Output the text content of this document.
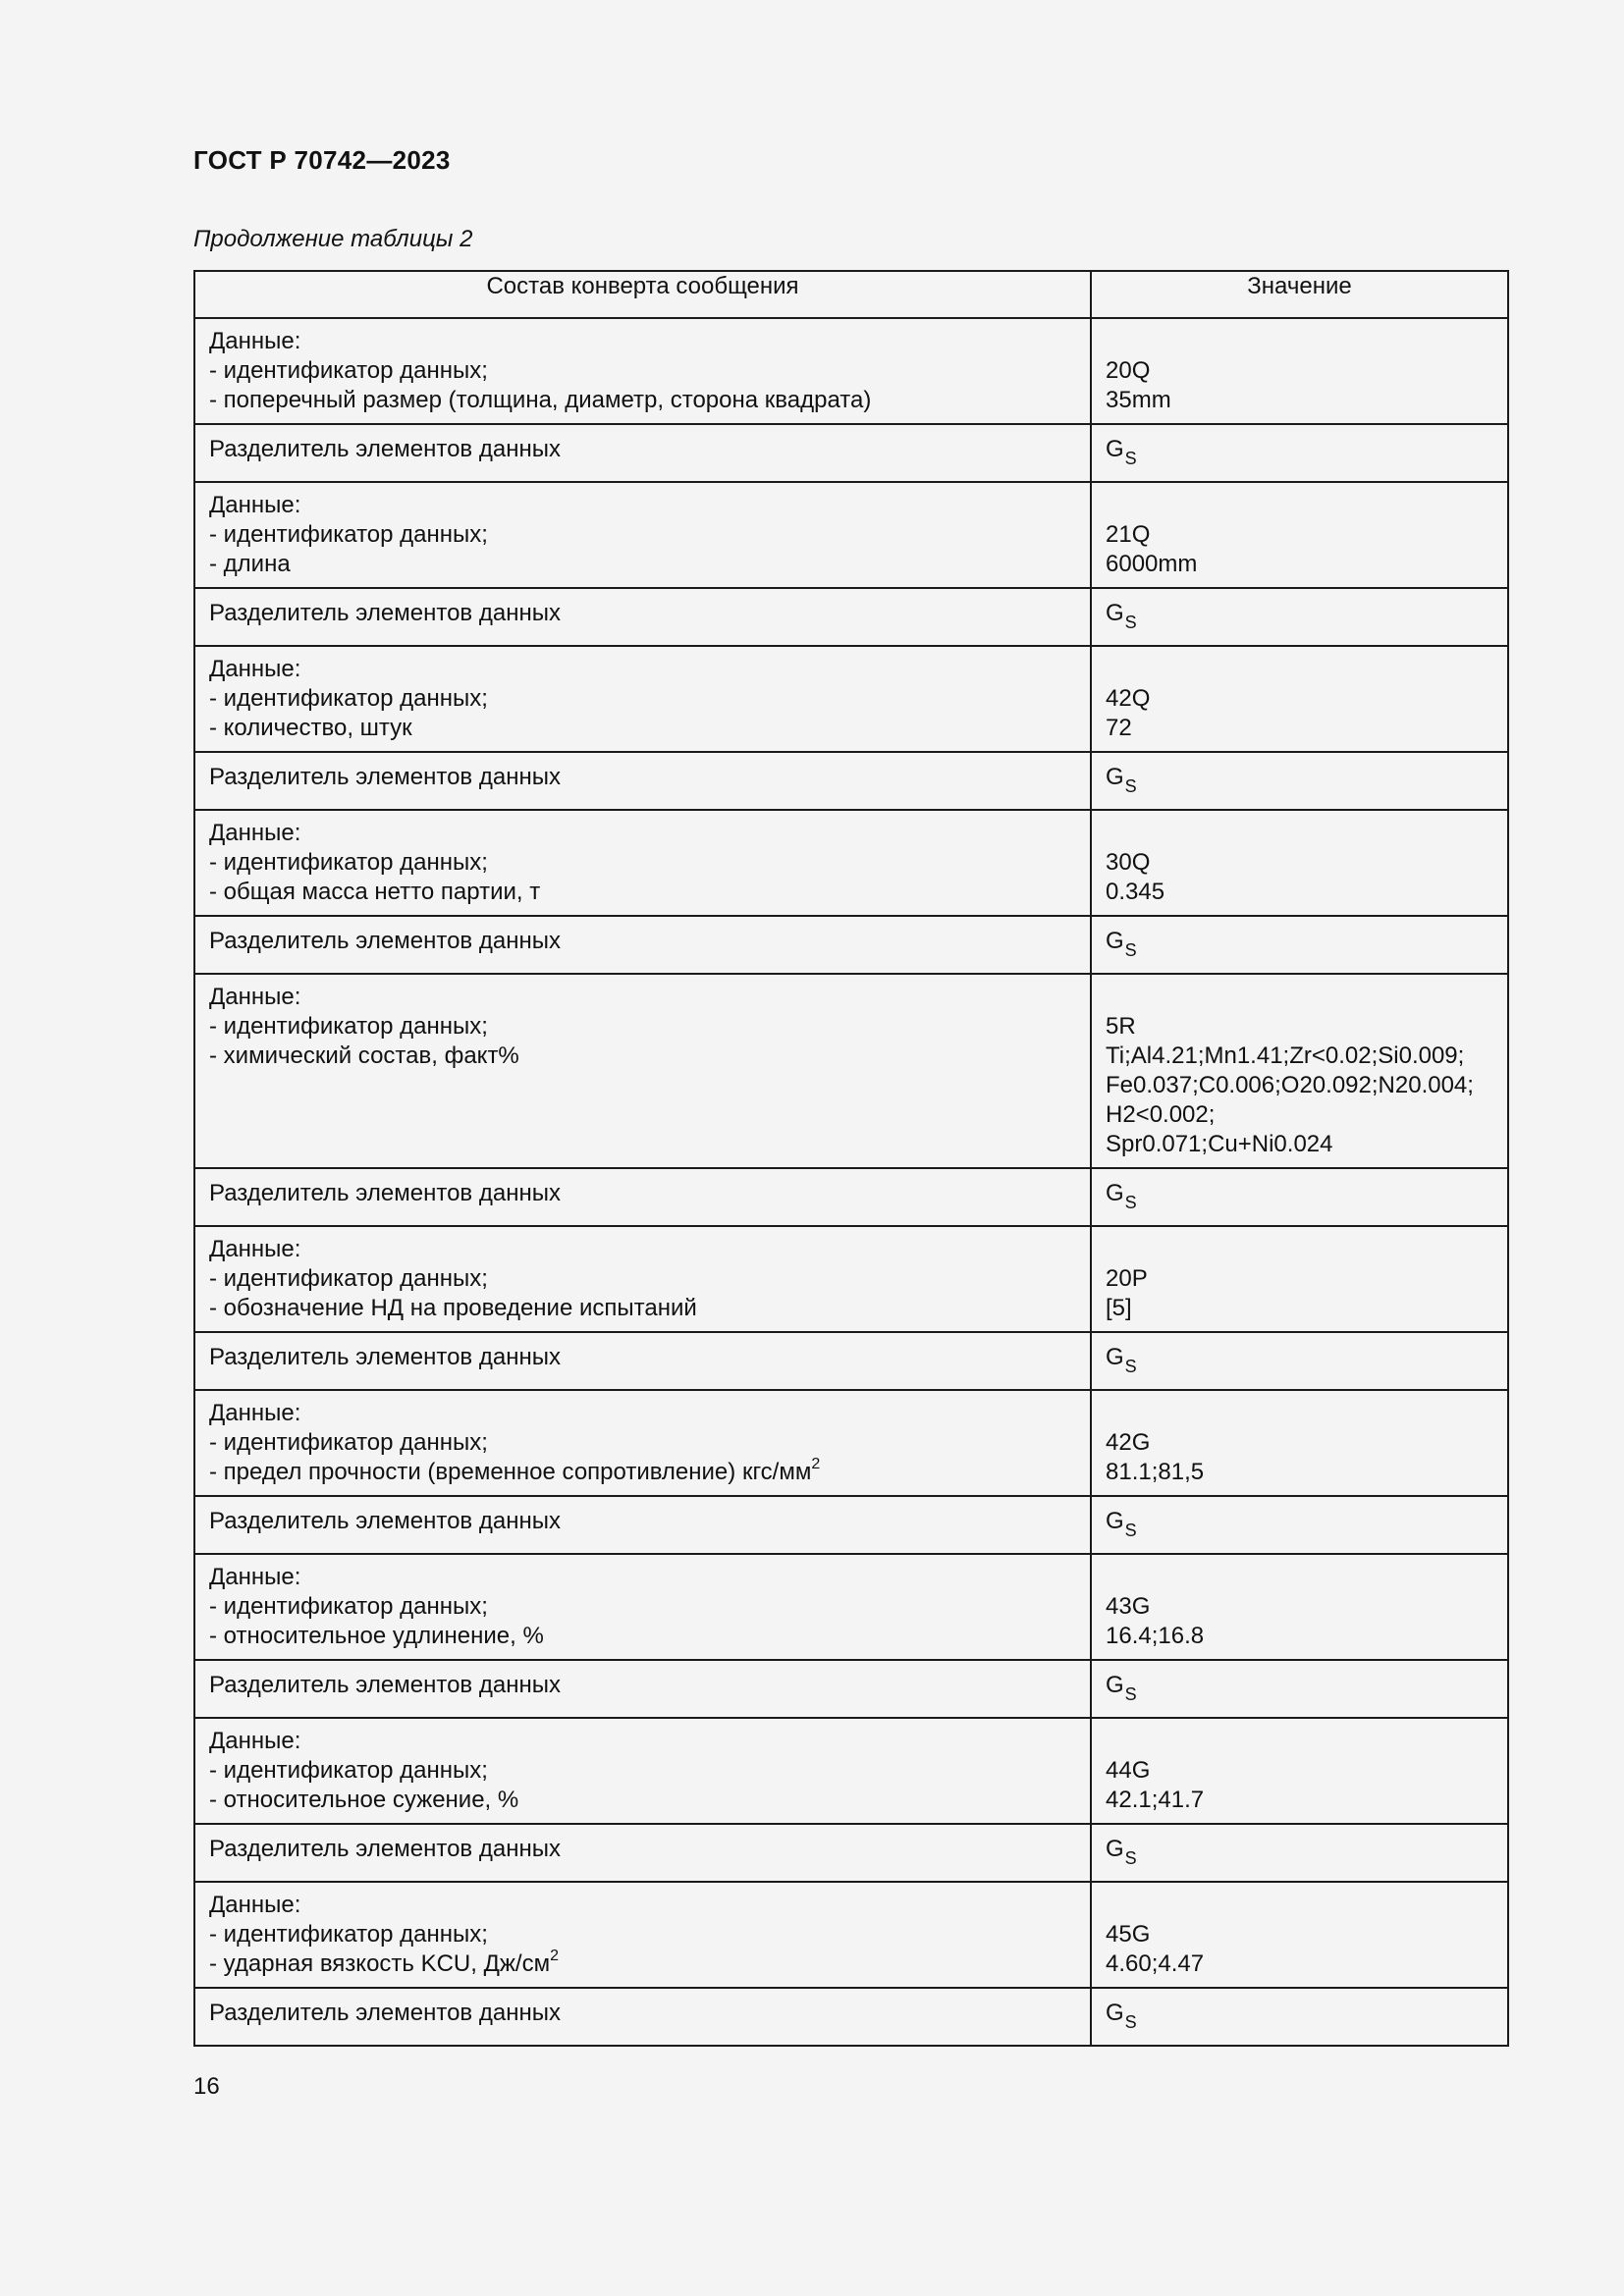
ГОСТ Р 70742—2023
Продолжение таблицы 2
Состав конверта сообщения	Значение

Данные:
- идентификатор данных;
- поперечный размер (толщина, диаметр, сторона квадрата)	20Q
35mm

Разделитель элементов данных	$G_S$

Данные:
- идентификатор данных;
- длина	21Q
6000mm

Разделитель элементов данных	$G_S$

Данные:
- идентификатор данных;
- количество, штук	42Q
72

Разделитель элементов данных	$G_S$

Данные:
- идентификатор данных;
- общая масса нетто партии, т	30Q
0.345

Разделитель элементов данных	$G_S$

Данные:
- идентификатор данных;
- химический состав, факт%	5R
Ti;Al4.21;Mn1.41;Zr<0.02;Si0.009;
Fe0.037;C0.006;O20.092;N20.004;
H2<0.002;
Spr0.071;Cu+Ni0.024

Разделитель элементов данных	$G_S$

Данные:
- идентификатор данных;
- обозначение НД на проведение испытаний	20P
[5]

Разделитель элементов данных	$G_S$

Данные:
- идентификатор данных;
- предел прочности (временное сопротивление) кгс/$мм^2$	42G
81.1;81,5

Разделитель элементов данных	$G_S$

Данные:
- идентификатор данных;
- относительное удлинение, %	43G
16.4;16.8

Разделитель элементов данных	$G_S$

Данные:
- идентификатор данных;
- относительное сужение, %	44G
42.1;41.7

Разделитель элементов данных	$G_S$

Данные:
- идентификатор данных;
- ударная вязкость KCU, $Дж/см^2$	45G
4.60;4.47

Разделитель элементов данных	$G_S$
16
